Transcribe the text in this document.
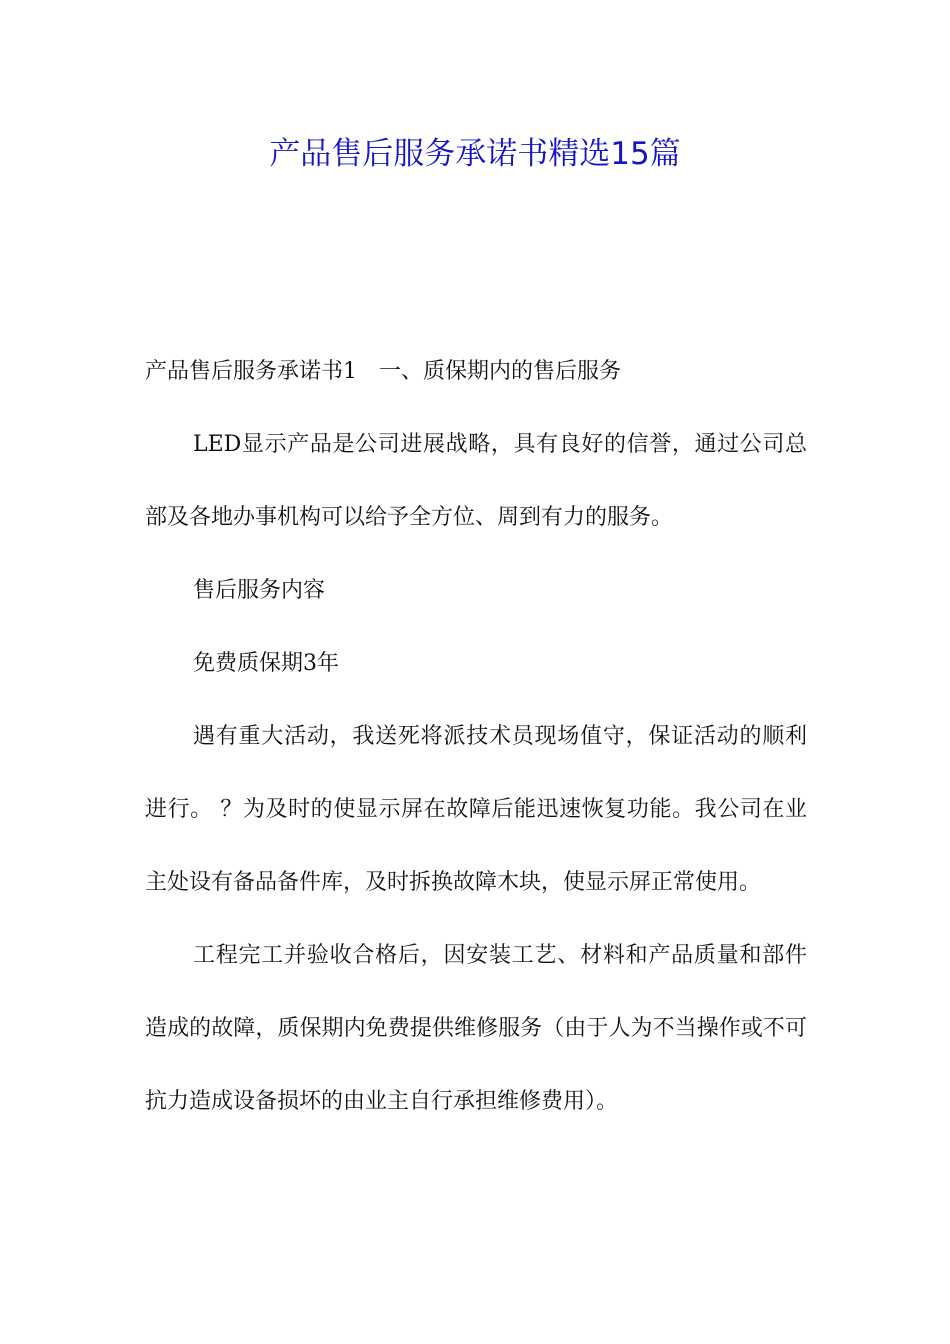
产品售后服务承诺书精选15篇

产品售后服务承诺书1　一、质保期内的售后服务

LED显示产品是公司进展战略，具有良好的信誉，通过公司总部及各地办事机构可以给予全方位、周到有力的服务。

售后服务内容

免费质保期3年

遇有重大活动，我送死将派技术员现场值守，保证活动的顺利进行。 ？为及时的使显示屏在故障后能迅速恢复功能。我公司在业主处设有备品备件库，及时拆换故障木块，使显示屏正常使用。

工程完工并验收合格后，因安装工艺、材料和产品质量和部件造成的故障，质保期内免费提供维修服务（由于人为不当操作或不可抗力造成设备损坏的由业主自行承担维修费用）。
